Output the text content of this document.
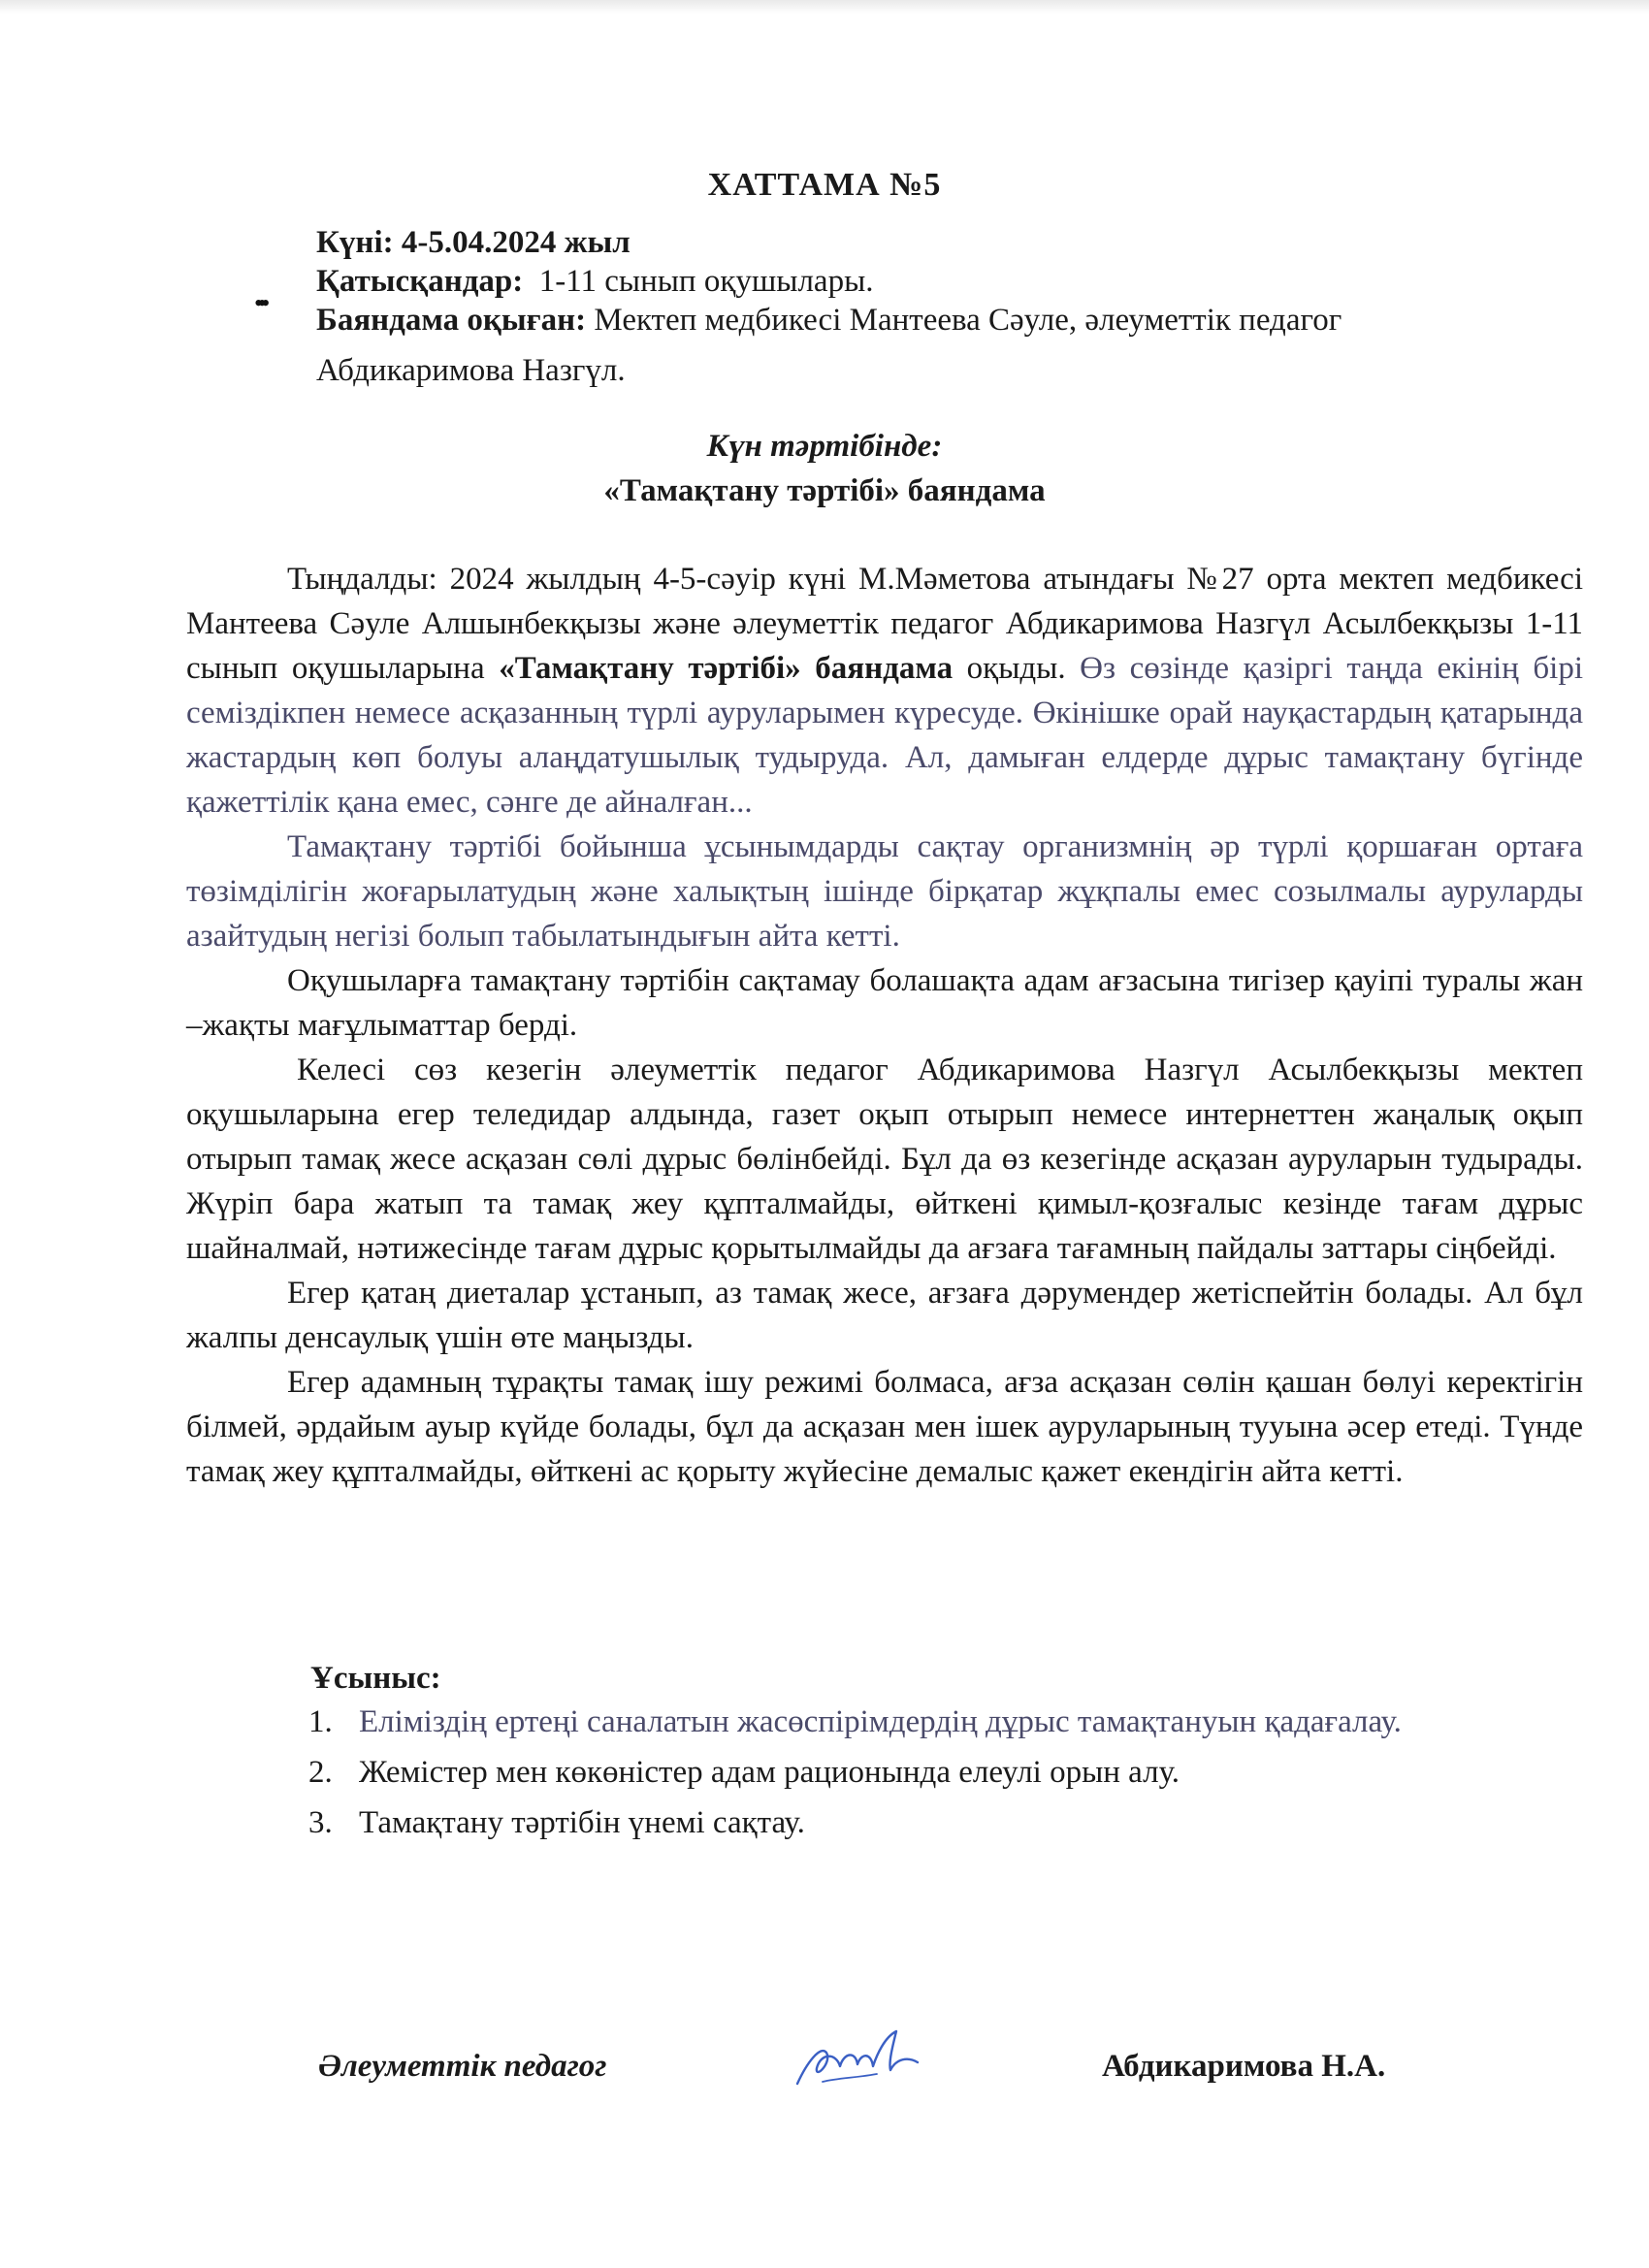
ХАТТАМА №5
Күні: 4-5.04.2024 жыл
• • •
Қатысқандар: 1-11 сынып оқушылары.
Баяндама оқыған: Мектеп медбикесі Мантеева Сәуле, әлеуметтік педагог
Абдикаримова Назгүл.
Күн тәртібінде:
«Тамақтану тәртібі» баяндама

Тыңдалды: 2024 жылдың 4-5-сәуір күні М.Мәметова атындағы №27 орта мектеп медбикесі Мантеева Сәуле Алшынбекқызы және әлеуметтік педагог Абдикаримова Назгүл Асылбекқызы 1-11 сынып оқушыларына «Тамақтану тәртібі» баяндама оқыды. Өз сөзінде қазіргі таңда екінің бірі семіздікпен немесе асқазанның түрлі ауруларымен күресуде. Өкінішке орай науқастардың қатарында жастардың көп болуы алаңдатушылық тудыруда. Ал, дамыған елдерде дұрыс тамақтану бүгінде қажеттілік қана емес, сәнге де айналған...

Тамақтану тәртібі бойынша ұсынымдарды сақтау организмнің әр түрлі қоршаған ортаға төзімділігін жоғарылатудың және халықтың ішінде бірқатар жұқпалы емес созылмалы ауруларды азайтудың негізі болып табылатындығын айта кетті.

Оқушыларға тамақтану тәртібін сақтамау болашақта адам ағзасына тигізер қауіпі туралы жан –жақты мағұлыматтар берді.

Келесі сөз кезегін әлеуметтік педагог Абдикаримова Назгүл Асылбекқызы мектеп оқушыларына егер теледидар алдында, газет оқып отырып немесе интернеттен жаңалық оқып отырып тамақ жесе асқазан сөлі дұрыс бөлінбейді. Бұл да өз кезегінде асқазан ауруларын тудырады. Жүріп бара жатып та тамақ жеу құпталмайды, өйткені қимыл-қозғалыс кезінде тағам дұрыс шайналмай, нәтижесінде тағам дұрыс қорытылмайды да ағзаға тағамның пайдалы заттары сіңбейді.

Егер қатаң диеталар ұстанып, аз тамақ жесе, ағзаға дәрумендер жетіспейтін болады. Ал бұл жалпы денсаулық үшін өте маңызды.

Егер адамның тұрақты тамақ ішу режимі болмаса, ағза асқазан сөлін қашан бөлуі керектігін білмей, әрдайым ауыр күйде болады, бұл да асқазан мен ішек ауруларының тууына әсер етеді. Түнде тамақ жеу құпталмайды, өйткені ас қорыту жүйесіне демалыс қажет екендігін айта кетті.

Ұсыныс:
1. Еліміздің ертеңі саналатын жасөспірімдердің дұрыс тамақтануын қадағалау.
2. Жемістер мен көкөністер адам рационында елеулі орын алу.
3. Тамақтану тәртібін үнемі сақтау.
Әлеуметтік педагог	Абдикаримова Н.А.
